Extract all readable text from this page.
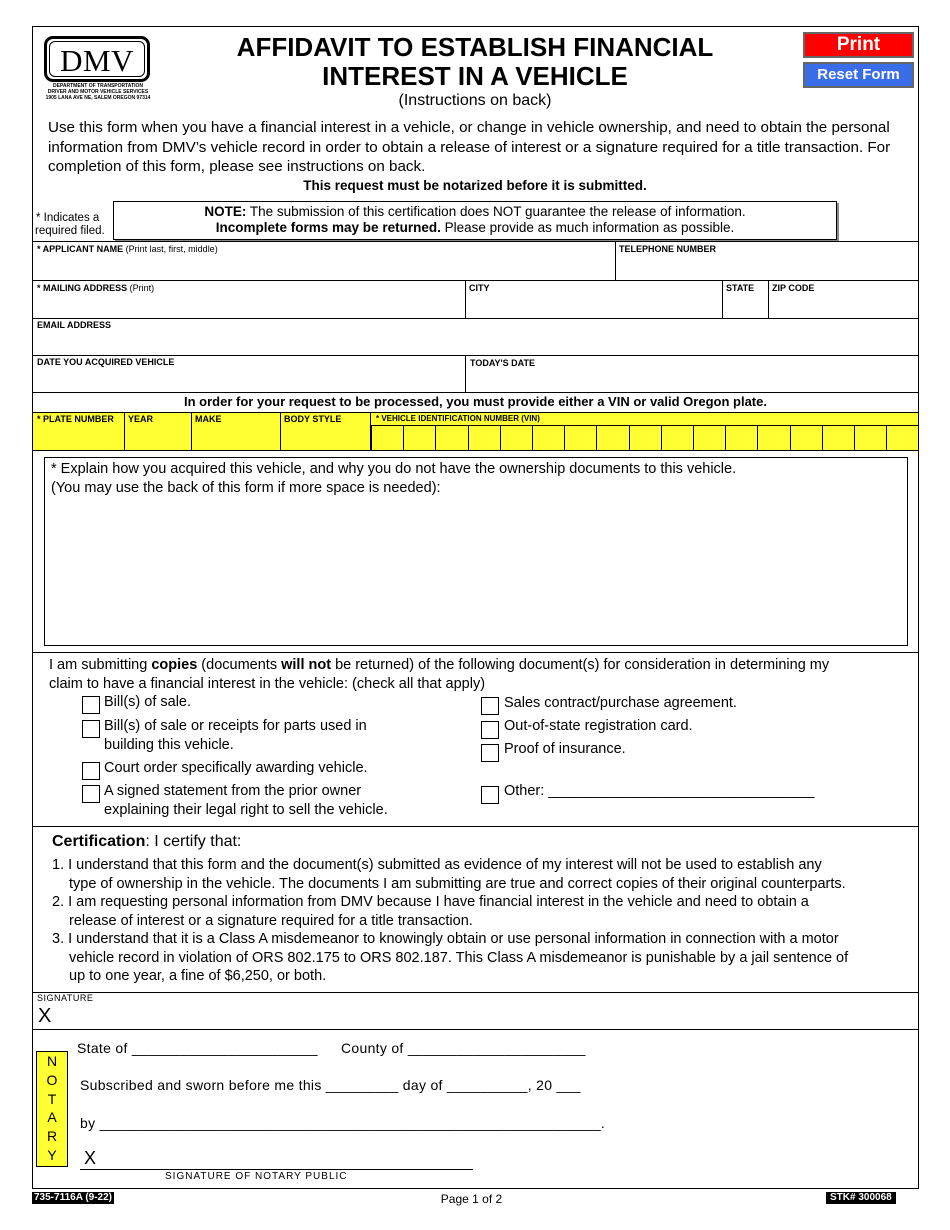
DMV
DEPARTMENT OF TRANSPORTATION
DRIVER AND MOTOR VEHICLE SERVICES
1905 LANA AVE NE, SALEM OREGON 97314
AFFIDAVIT TO ESTABLISH FINANCIAL
INTEREST IN A VEHICLE
(Instructions on back)
Print
Reset Form
Use this form when you have a financial interest in a vehicle, or change in vehicle ownership, and need to obtain the personal information from DMV’s vehicle record in order to obtain a release of interest or a signature required for a title transaction. For completion of this form, please see instructions on back.
This request must be notarized before it is submitted.
* Indicates a
required filed.
NOTE: The submission of this certification does NOT guarantee the release of information.
Incomplete forms may be returned. Please provide as much information as possible.
* APPLICANT NAME (Print last, first, middle)	TELEPHONE NUMBER
* MAILING ADDRESS (Print)	CITY	STATE ZIP CODE
EMAIL ADDRESS
DATE YOU ACQUIRED VEHICLE	TODAY'S DATE
In order for your request to be processed, you must provide either a VIN or valid Oregon plate.
* PLATE NUMBER YEAR	MAKE	BODY STYLE	* VEHICLE IDENTIFICATION NUMBER (VIN)
* Explain how you acquired this vehicle, and why you do not have the ownership documents to this vehicle.
(You may use the back of this form if more space is needed):
I am submitting copies (documents will not be returned) of the following document(s) for consideration in determining my
claim to have a financial interest in the vehicle: (check all that apply)
Bill(s) of sale.
Bill(s) of sale or receipts for parts used in
building this vehicle.
Court order specifically awarding vehicle.
A signed statement from the prior owner
explaining their legal right to sell the vehicle.
Sales contract/purchase agreement.
Out-of-state registration card.
Proof of insurance.
Other: _________________________________
Certification: I certify that:
1. I understand that this form and the document(s) submitted as evidence of my interest will not be used to establish any
type of ownership in the vehicle. The documents I am submitting are true and correct copies of their original counterparts.
2. I am requesting personal information from DMV because I have financial interest in the vehicle and need to obtain a
release of interest or a signature required for a title transaction.
3. I understand that it is a Class A misdemeanor to knowingly obtain or use personal information in connection with a motor
vehicle record in violation of ORS 802.175 to ORS 802.187. This Class A misdemeanor is punishable by a jail sentence of
up to one year, a fine of $6,250, or both.
SIGNATURE
X
N
O
T
A
R
Y
State of _______________________ County of ______________________
Subscribed and sworn before me this _________ day of __________, 20 ___
by ______________________________________________________________.
X
SIGNATURE OF NOTARY PUBLIC
735-7116A (9-22)	Page 1 of 2	STK# 300068
